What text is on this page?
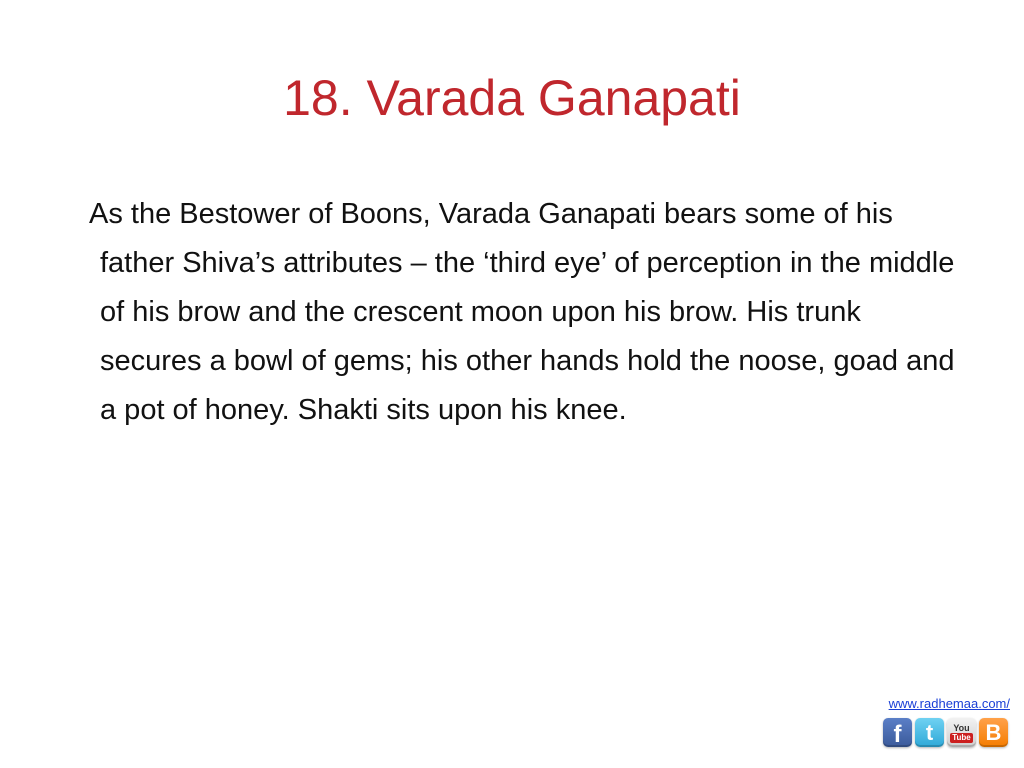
18. Varada Ganapati

As the Bestower of Boons, Varada Ganapati bears some of his father Shiva’s attributes – the ‘third eye’ of perception in the middle of his brow and the crescent moon upon his brow. His trunk secures a bowl of gems; his other hands hold the noose, goad and a pot of honey. Shakti sits upon his knee.

www.radhemaa.com/
f t You
Tube B
